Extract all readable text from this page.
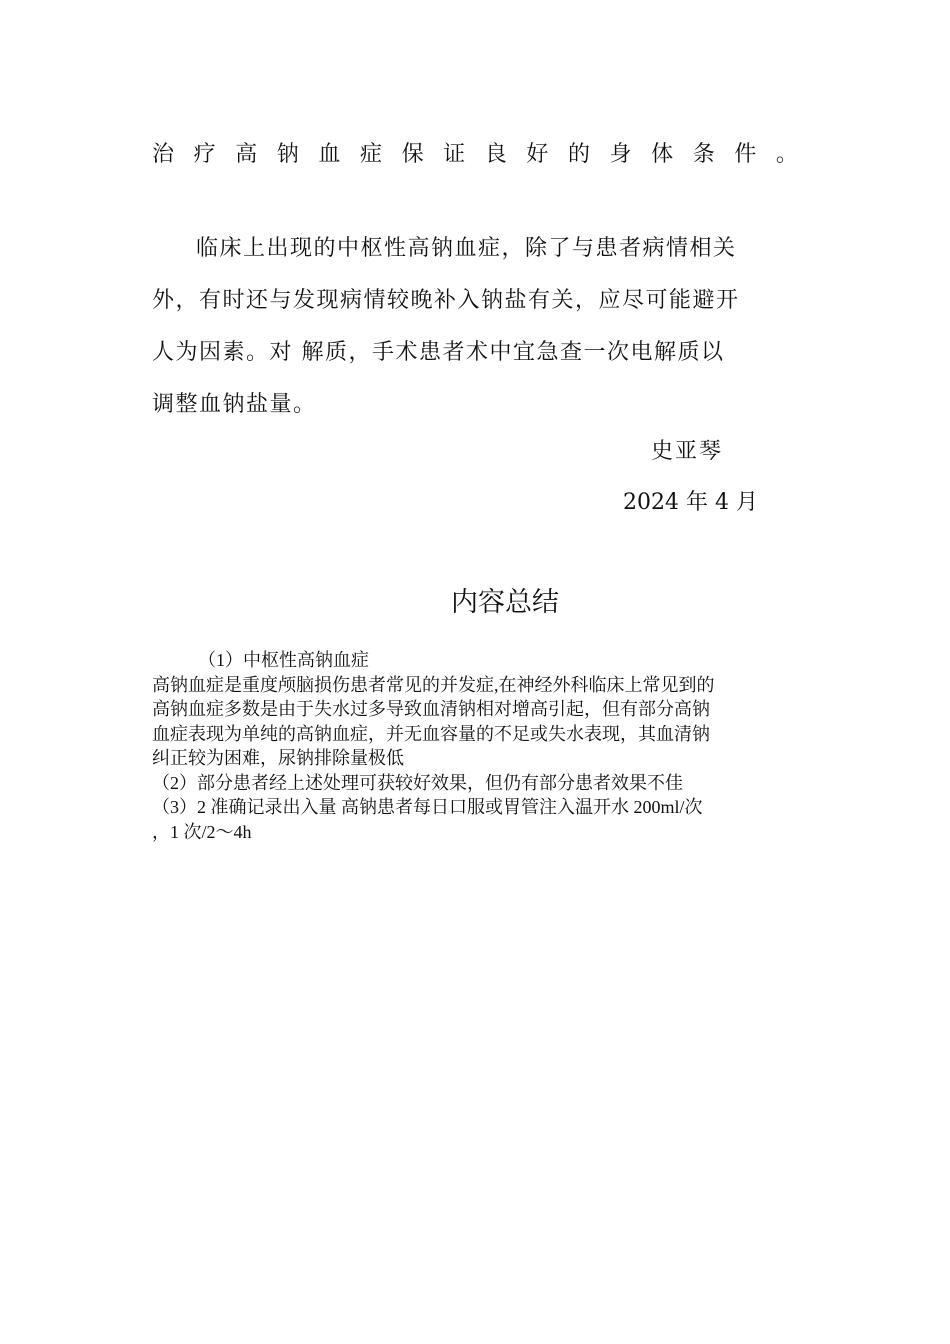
治 疗 高 钠 血 症 保 证 良 好 的 身 体 条 件 。
临床上出现的中枢性高钠血症，除了与患者病情相关
外，有时还与发现病情较晚补入钠盐有关，应尽可能避开
人为因素。对 解质，手术患者术中宜急查一次电解质以
调整血钠盐量。
史亚琴
2024 年 4 月
内容总结
（1）中枢性高钠血症
高钠血症是重度颅脑损伤患者常见的并发症,在神经外科临床上常见到的
高钠血症多数是由于失水过多导致血清钠相对增高引起，但有部分高钠
血症表现为单纯的高钠血症，并无血容量的不足或失水表现，其血清钠
纠正较为困难，尿钠排除量极低
（2）部分患者经上述处理可获较好效果，但仍有部分患者效果不佳
（3）2 准确记录出入量 高钠患者每日口服或胃管注入温开水 200ml/次
，1 次/2～4h
